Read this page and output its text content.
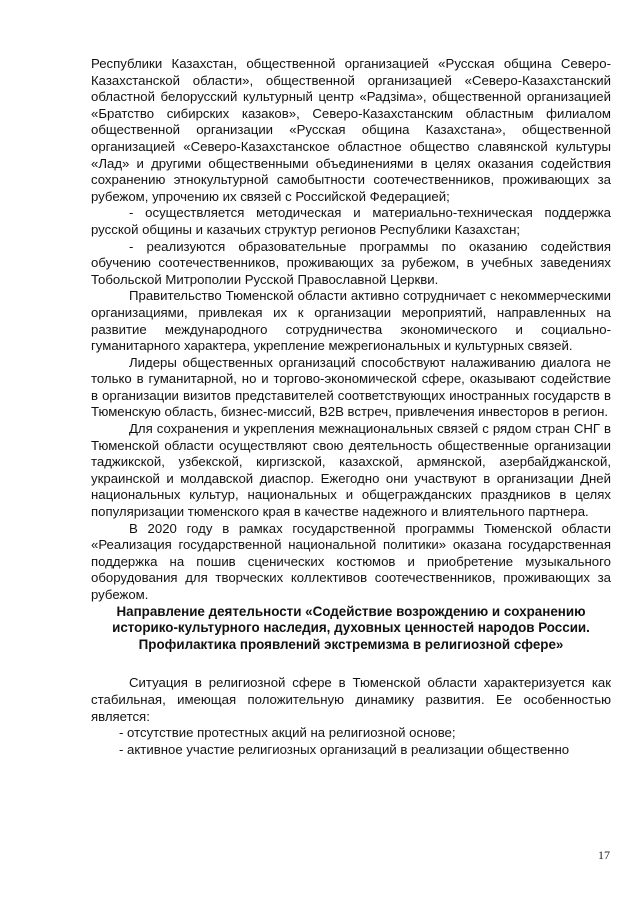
Республики Казахстан, общественной организацией «Русская община Северо-Казахстанской области», общественной организацией «Северо-Казахстанский областной белорусский культурный центр «Радзiма», общественной организацией «Братство сибирских казаков», Северо-Казахстанским областным филиалом общественной организации «Русская община Казахстана», общественной организацией «Северо-Казахстанское областное общество славянской культуры «Лад» и другими общественными объединениями в целях оказания содействия сохранению этнокультурной самобытности соотечественников, проживающих за рубежом, упрочению их связей с Российской Федерацией;

- осуществляется методическая и материально-техническая поддержка русской общины и казачьих структур регионов Республики Казахстан;

- реализуются образовательные программы по оказанию содействия обучению соотечественников, проживающих за рубежом, в учебных заведениях Тобольской Митрополии Русской Православной Церкви.

Правительство Тюменской области активно сотрудничает с некоммерческими организациями, привлекая их к организации мероприятий, направленных на развитие международного сотрудничества экономического и социально-гуманитарного характера, укрепление межрегиональных и культурных связей.

Лидеры общественных организаций способствуют налаживанию диалога не только в гуманитарной, но и торгово-экономической сфере, оказывают содействие в организации визитов представителей соответствующих иностранных государств в Тюменскую область, бизнес-миссий, B2B встреч, привлечения инвесторов в регион.

Для сохранения и укрепления межнациональных связей с рядом стран СНГ в Тюменской области осуществляют свою деятельность общественные организации таджикской, узбекской, киргизской, казахской, армянской, азербайджанской, украинской и молдавской диаспор. Ежегодно они участвуют в организации Дней национальных культур, национальных и общегражданских праздников в целях популяризации тюменского края в качестве надежного и влиятельного партнера.

В 2020 году в рамках государственной программы Тюменской области «Реализация государственной национальной политики» оказана государственная поддержка на пошив сценических костюмов и приобретение музыкального оборудования для творческих коллективов соотечественников, проживающих за рубежом.

Направление деятельности «Содействие возрождению и сохранению историко-культурного наследия, духовных ценностей народов России. Профилактика проявлений экстремизма в религиозной сфере»

Ситуация в религиозной сфере в Тюменской области характеризуется как стабильная, имеющая положительную динамику развития. Ее особенностью является:

- отсутствие протестных акций на религиозной основе;

- активное участие религиозных организаций в реализации общественно

17
